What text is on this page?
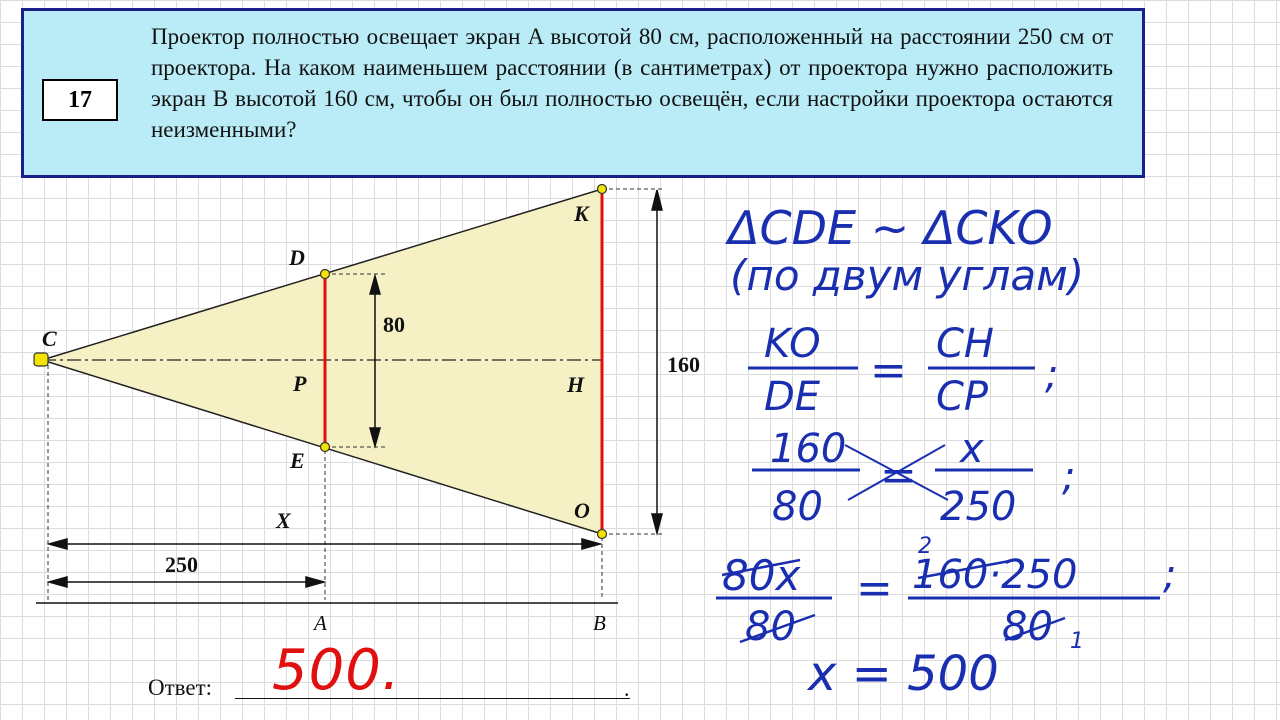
17
Проектор полностью освещает экран A высотой 80 см, расположенный на расстоянии 250 см от проектора. На каком наименьшем расстоянии (в сантиметрах) от проектора нужно расположить экран B высотой 160 см, чтобы он был полностью освещён, если настройки проектора остаются неизменными?
C
D
E
P
K
H
O
80
160
250
X
A	B
ΔCDE ~ ΔCKO
(по двум углам)
KO
DE
=
CH
CP ;
160
80
=
x
250
;
80x
80
=
2
160·250
80 1
;
x = 500
Ответ:	.
500.
